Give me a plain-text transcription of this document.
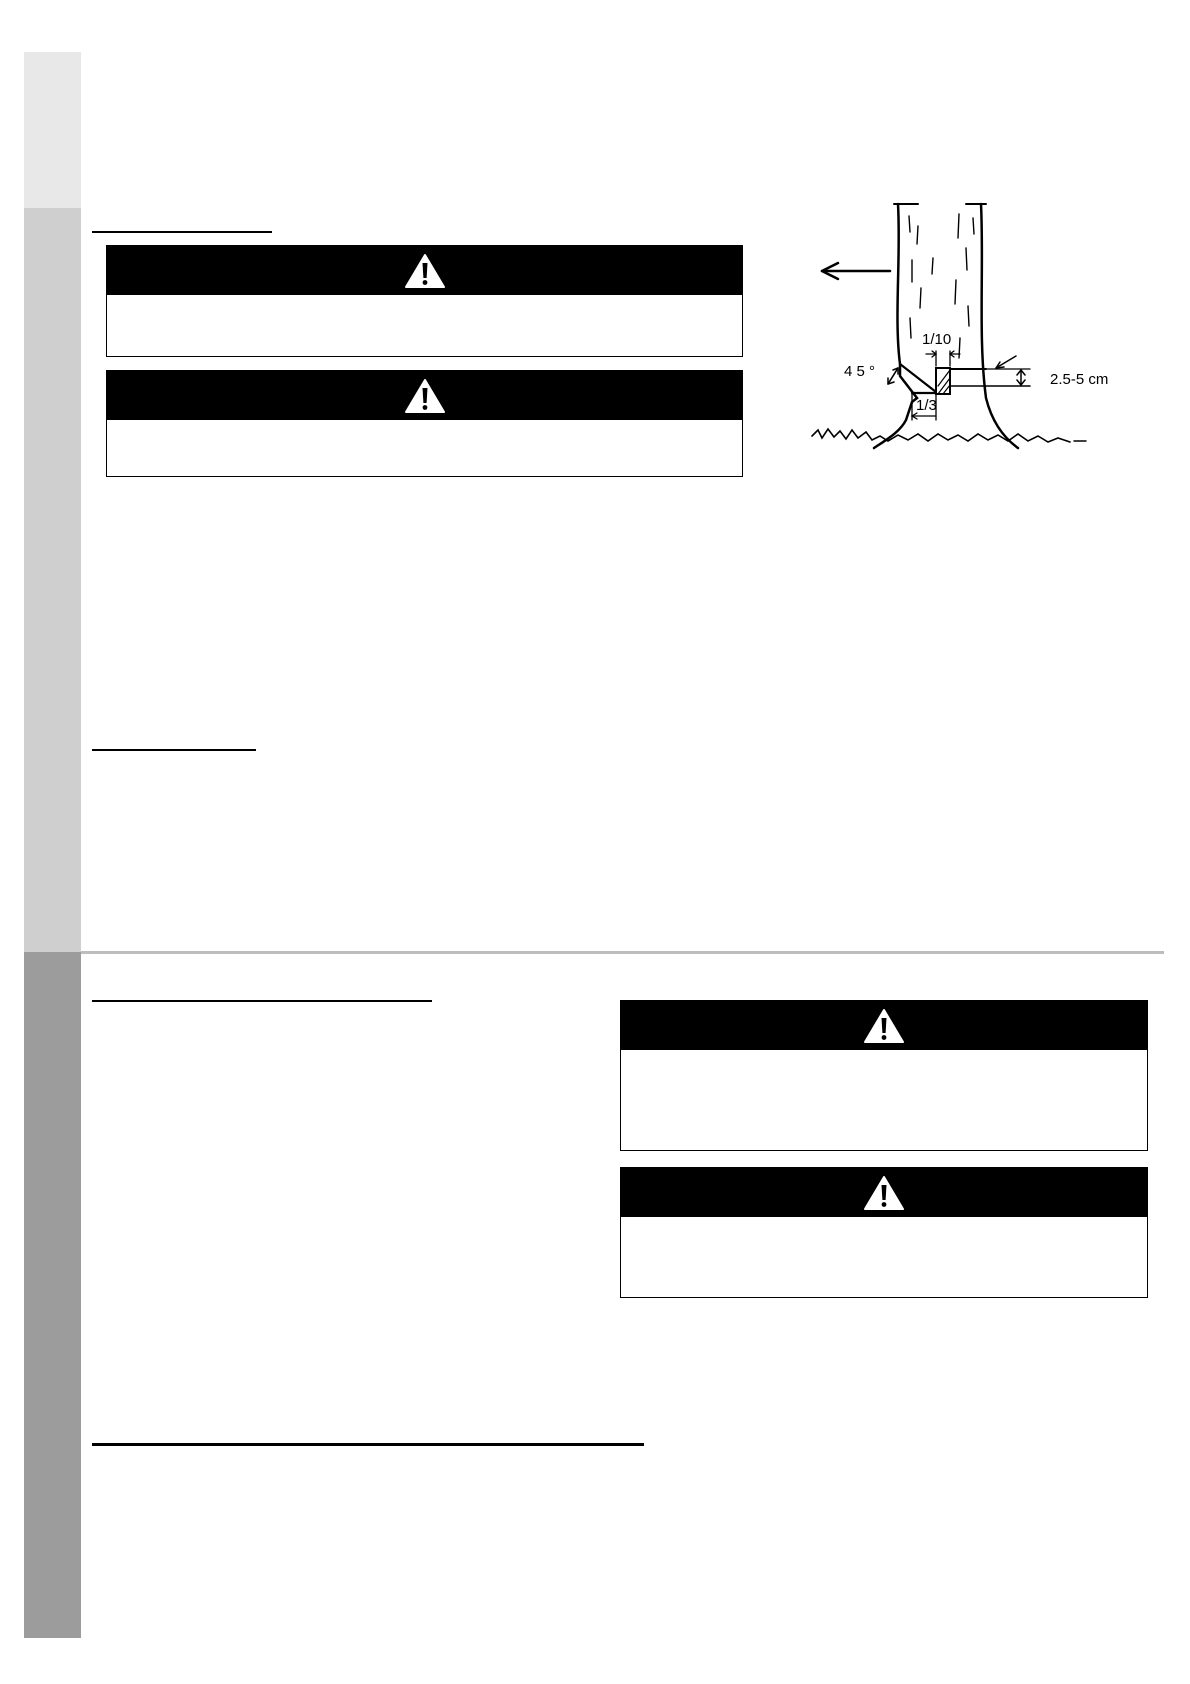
1/10
4 5 °
1/3
2.5-5 cm
